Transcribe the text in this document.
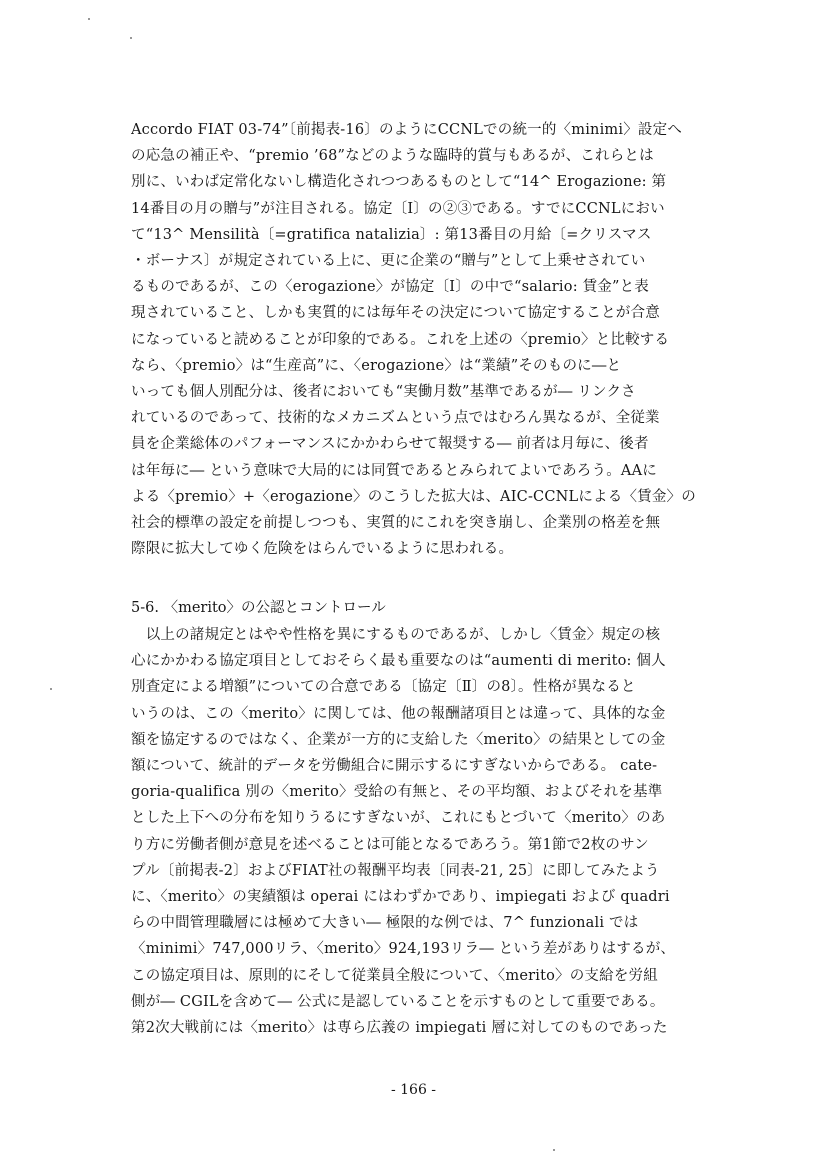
Accordo FIAT 03-74”〔前掲表-16〕のようにCCNLでの統一的〈minimi〉設定へ
の応急の補正や、“premio ’68”などのような臨時的賞与もあるが、これらとは
別に、いわば定常化ないし構造化されつつあるものとして“14^ Erogazione: 第
14番目の月の贈与”が注目される。協定〔Ⅰ〕の②③である。すでにCCNLにおい
て“13^ Mensilità〔=gratifica natalizia〕: 第13番目の月給〔=クリスマス
・ボーナス〕が規定されている上に、更に企業の“贈与”として上乗せされてい
るものであるが、この〈erogazione〉が協定〔Ⅰ〕の中で“salario: 賃金”と表
現されていること、しかも実質的には毎年その決定について協定することが合意
になっていると読めることが印象的である。これを上述の〈premio〉と比較する
なら、〈premio〉は“生産高”に、〈erogazione〉は“業績”そのものに―と
いっても個人別配分は、後者においても“実働月数”基準であるが― リンクさ
れているのであって、技術的なメカニズムという点ではむろん異なるが、全従業
員を企業総体のパフォーマンスにかかわらせて報奨する― 前者は月毎に、後者
は年毎に― という意味で大局的には同質であるとみられてよいであろう。AAに
よる〈premio〉+〈erogazione〉のこうした拡大は、AIC-CCNLによる〈賃金〉の
社会的標準の設定を前提しつつも、実質的にこれを突き崩し、企業別の格差を無
際限に拡大してゆく危険をはらんでいるように思われる。
5-6. 〈merito〉の公認とコントロール
　以上の諸規定とはやや性格を異にするものであるが、しかし〈賃金〉規定の核
心にかかわる協定項目としておそらく最も重要なのは“aumenti di merito: 個人
別査定による増額”についての合意である〔協定〔Ⅱ〕の8〕。性格が異なると
いうのは、この〈merito〉に関しては、他の報酬諸項目とは違って、具体的な金
額を協定するのではなく、企業が一方的に支給した〈merito〉の結果としての金
額について、統計的データを労働組合に開示するにすぎないからである。 cate-
goria-qualifica 別の〈merito〉受給の有無と、その平均額、およびそれを基準
とした上下への分布を知りうるにすぎないが、これにもとづいて〈merito〉のあ
り方に労働者側が意見を述べることは可能となるであろう。第1節で2枚のサン
プル〔前掲表-2〕およびFIAT社の報酬平均表〔同表-21, 25〕に即してみたよう
に、〈merito〉の実績額は operai にはわずかであり、impiegati および quadri
らの中間管理職層には極めて大きい― 極限的な例では、7^ funzionali では
〈minimi〉747,000リラ、〈merito〉924,193リラ― という差がありはするが、
この協定項目は、原則的にそして従業員全般について、〈merito〉の支給を労組
側が― CGILを含めて― 公式に是認していることを示すものとして重要である。
第2次大戦前には〈merito〉は専ら広義の impiegati 層に対してのものであった
- 166 -
